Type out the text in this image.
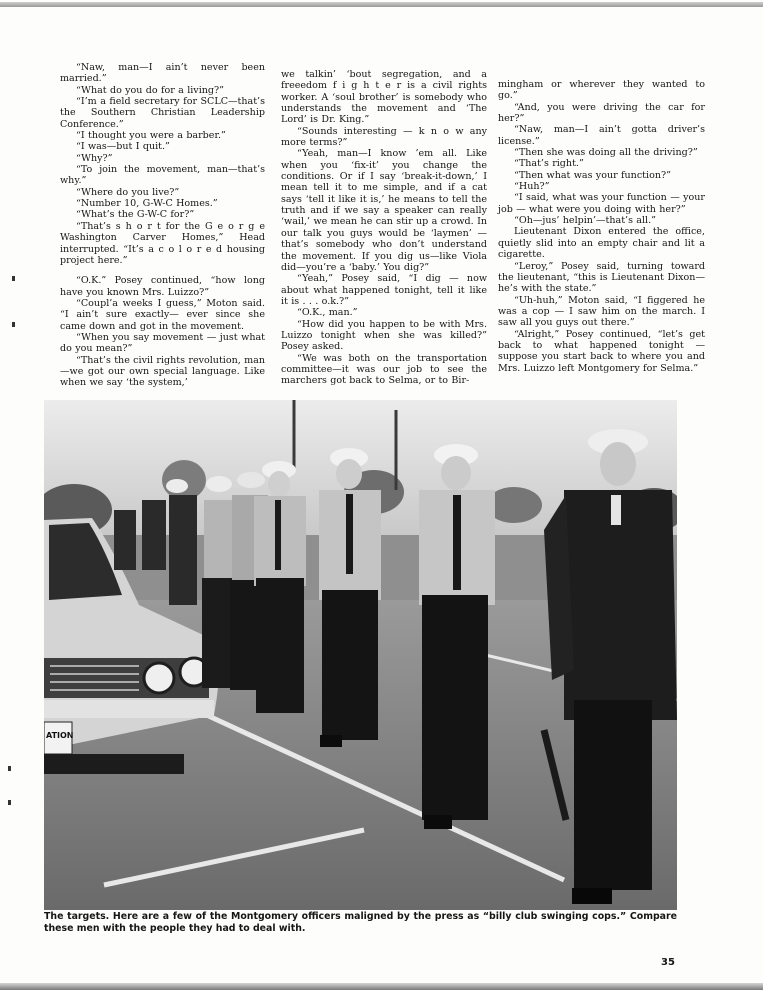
“Naw, man—I ain’t never been married.”

“What do you do for a living?”

“I’m a field secretary for SCLC—that’s the Southern Christian Leadership Conference.”

“I thought you were a barber.”

“I was—but I quit.”

“Why?”

“To join the movement, man—that’s why.”

“Where do you live?”

“Number 10, G-W-C Homes.”

“What’s the G-W-C for?”

“That’s s h o r t for the G e o r g e Washington Carver Homes,” Head interrupted. “It’s a c o l o r e d housing project here.”

“O.K.” Posey continued, “how long have you known Mrs. Luizzo?”

“Coupl’a weeks I guess,” Moton said. “I ain’t sure exactly— ever since she came down and got in the movement.

“When you say movement — just what do you mean?”

“That’s the civil rights revolution, man—we got our own special language. Like when we say ‘the system,’

we talkin’ ‘bout segregation, and a freeedom f i g h t e r is a civil rights worker. A ‘soul brother’ is somebody who understands the movement and ‘The Lord’ is Dr. King.”

“Sounds interesting — k n o w any more terms?”

“Yeah, man—I know ’em all. Like when you ‘fix-it’ you change the conditions. Or if I say ‘break-it-down,’ I mean tell it to me simple, and if a cat says ‘tell it like it is,’ he means to tell the truth and if we say a speaker can really ‘wail,’ we mean he can stir up a crowd. In our talk you guys would be ‘laymen’ — that’s somebody who don’t understand the movement. If you dig us—like Viola did—you’re a ‘baby.’ You dig?”

“Yeah,” Posey said, “I dig — now about what happened tonight, tell it like it is . . . o.k.?”

“O.K., man.”

“How did you happen to be with Mrs. Luizzo tonight when she was killed?” Posey asked.

“We was both on the transportation committee—it was our job to see the marchers got back to Selma, or to Bir-

mingham or wherever they wanted to go.”

“And, you were driving the car for her?”

“Naw, man—I ain’t gotta driver’s license.”

“Then she was doing all the driving?”

“That’s right.”

“Then what was your function?”

“Huh?”

“I said, what was your function — your job — what were you doing with her?”

“Oh—jus’ helpin’—that’s all.”

Lieutenant Dixon entered the office, quietly slid into an empty chair and lit a cigarette.

“Leroy,” Posey said, turning toward the lieutenant, “this is Lieutenant Dixon—he’s with the state.”

“Uh-huh,” Moton said, “I figgered he was a cop — I saw him on the march. I saw all you guys out there.”

“Alright,” Posey continued, “let’s get back to what happened tonight — suppose you start back to where you and Mrs. Luizzo left Montgomery for Selma.”

ATION
The targets. Here are a few of the Montgomery officers maligned by the press as “billy club swinging cops.” Compare these men with the people they had to deal with.
35
